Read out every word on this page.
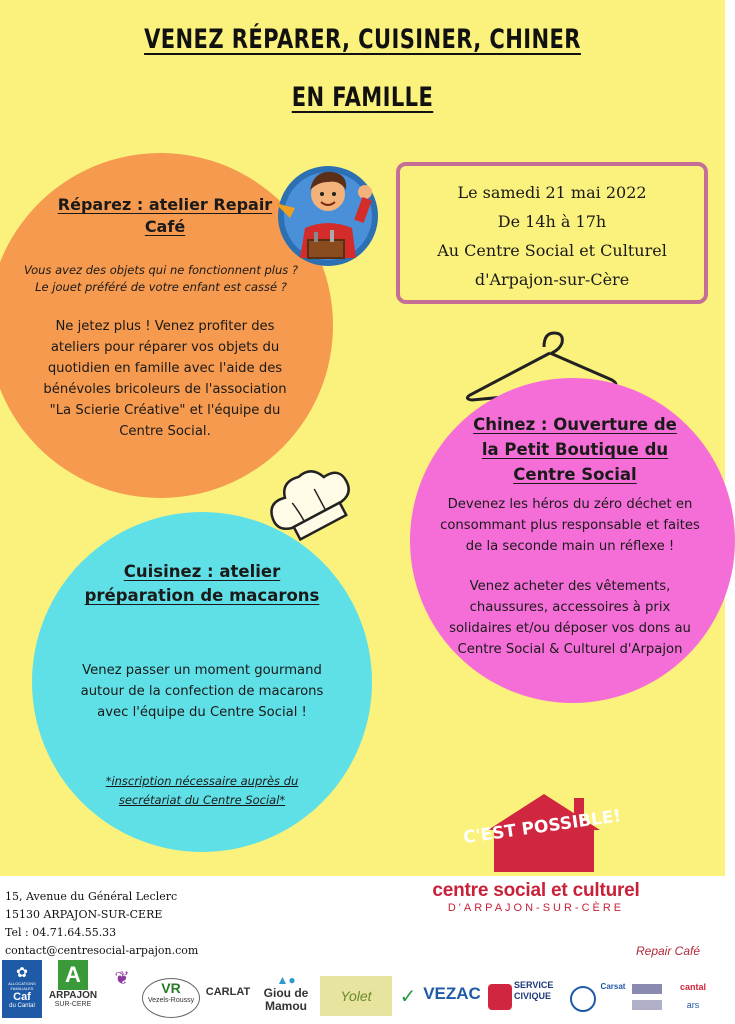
VENEZ RÉPARER, CUISINER, CHINER
EN FAMILLE
Réparez : atelier Repair
Café
Vous avez des objets qui ne fonctionnent plus ?
Le jouet préféré de votre enfant est cassé ?
Ne jetez plus ! Venez profiter des
ateliers pour réparer vos objets du
quotidien en famille avec l'aide des
bénévoles bricoleurs de l'association
"La Scierie Créative" et l'équipe du
Centre Social.
Le samedi 21 mai 2022
De 14h à 17h
Au Centre Social et Culturel
d'Arpajon-sur-Cère
Chinez : Ouverture de
la Petit Boutique du
Centre Social
Devenez les héros du zéro déchet en
consommant plus responsable et faites
de la seconde main un réflexe !
Venez acheter des vêtements,
chaussures, accessoires à prix
solidaires et/ou déposer vos dons au
Centre Social & Culturel d'Arpajon
Cuisinez : atelier
préparation de macarons
Venez passer un moment gourmand
autour de la confection de macarons
avec l'équipe du Centre Social !
*inscription nécessaire auprès du
secrétariat du Centre Social*
C'EST POSSIBLE!
15, Avenue du Général Leclerc
15130 ARPAJON-SUR-CERE
Tel : 04.71.64.55.33
contact@centresocial-arpajon.com
centre social et culturel
D'ARPAJON-SUR-CÈRE
Repair Café
✿
ALLOCATIONS FAMILIALES
Caf
du Cantal
A
ARPAJON
SUR-CERE
❦	VR
Vezels-Roussy
CARLAT
▲●
Giou de
Mamou
Yolet	✓ VEZAC	SERVICE
CIVIQUE
Carsat	cantal
ars
